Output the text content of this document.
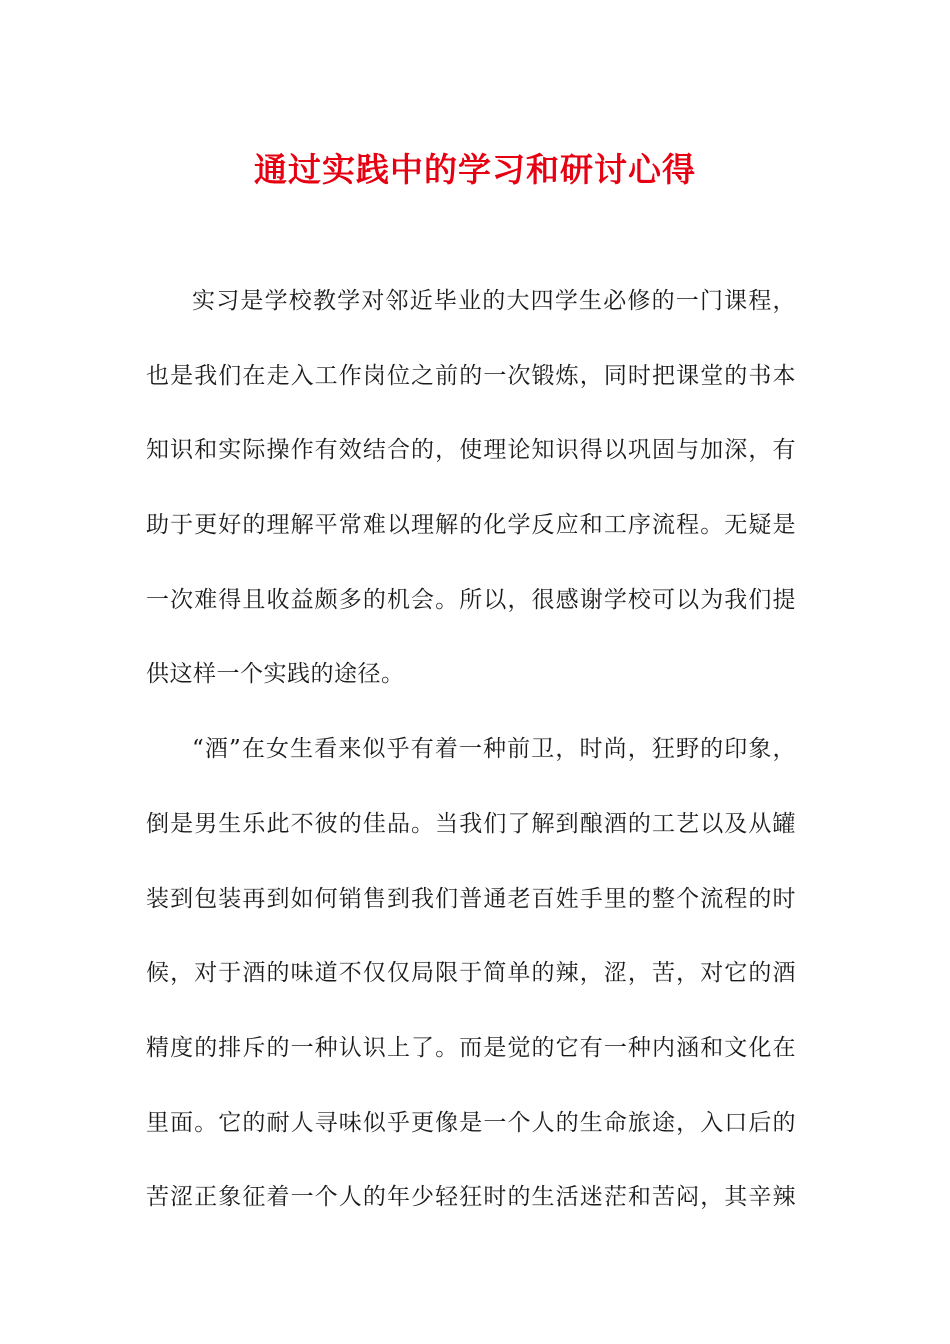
通过实践中的学习和研讨心得

实习是学校教学对邻近毕业的大四学生必修的一门课程，
也是我们在走入工作岗位之前的一次锻炼，同时把课堂的书本
知识和实际操作有效结合的，使理论知识得以巩固与加深，有
助于更好的理解平常难以理解的化学反应和工序流程。无疑是
一次难得且收益颇多的机会。所以，很感谢学校可以为我们提
供这样一个实践的途径。

“酒”在女生看来似乎有着一种前卫，时尚，狂野的印象，
倒是男生乐此不彼的佳品。当我们了解到酿酒的工艺以及从罐
装到包装再到如何销售到我们普通老百姓手里的整个流程的时
候，对于酒的味道不仅仅局限于简单的辣，涩，苦，对它的酒
精度的排斥的一种认识上了。而是觉的它有一种内涵和文化在
里面。它的耐人寻味似乎更像是一个人的生命旅途，入口后的
苦涩正象征着一个人的年少轻狂时的生活迷茫和苦闷，其辛辣
